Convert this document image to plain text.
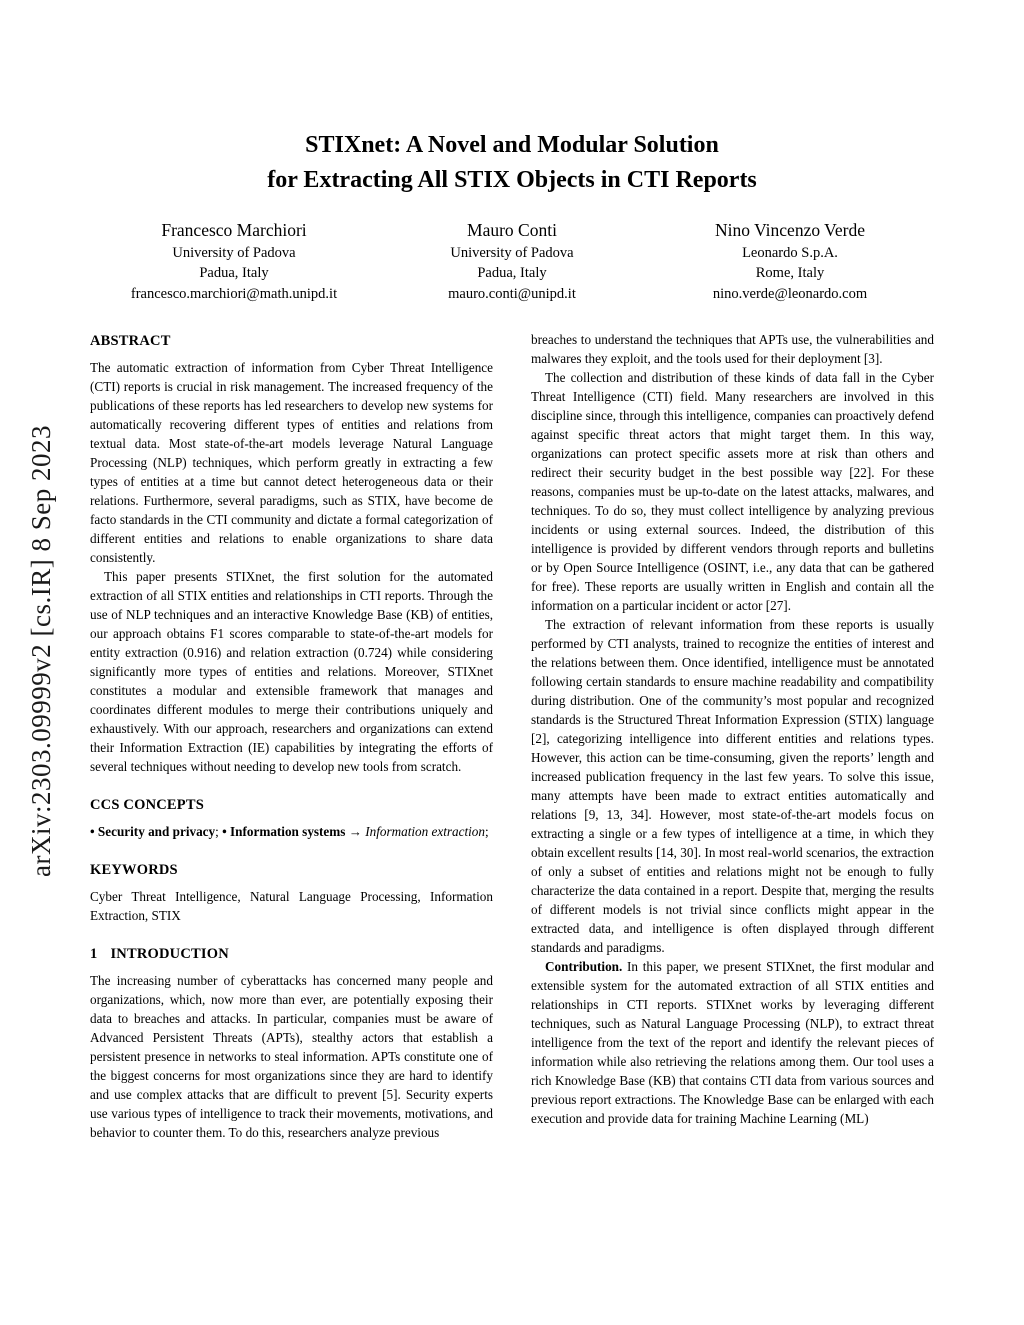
arXiv:2303.09999v2 [cs.IR] 8 Sep 2023
STIXnet: A Novel and Modular Solution
for Extracting All STIX Objects in CTI Reports
Francesco Marchiori
University of Padova
Padua, Italy
francesco.marchiori@math.unipd.it
Mauro Conti
University of Padova
Padua, Italy
mauro.conti@unipd.it
Nino Vincenzo Verde
Leonardo S.p.A.
Rome, Italy
nino.verde@leonardo.com
ABSTRACT

The automatic extraction of information from Cyber Threat Intelligence (CTI) reports is crucial in risk management. The increased frequency of the publications of these reports has led researchers to develop new systems for automatically recovering different types of entities and relations from textual data. Most state-of-the-art models leverage Natural Language Processing (NLP) techniques, which perform greatly in extracting a few types of entities at a time but cannot detect heterogeneous data or their relations. Furthermore, several paradigms, such as STIX, have become de facto standards in the CTI community and dictate a formal categorization of different entities and relations to enable organizations to share data consistently.

This paper presents STIXnet, the first solution for the automated extraction of all STIX entities and relationships in CTI reports. Through the use of NLP techniques and an interactive Knowledge Base (KB) of entities, our approach obtains F1 scores comparable to state-of-the-art models for entity extraction (0.916) and relation extraction (0.724) while considering significantly more types of entities and relations. Moreover, STIXnet constitutes a modular and extensible framework that manages and coordinates different modules to merge their contributions uniquely and exhaustively. With our approach, researchers and organizations can extend their Information Extraction (IE) capabilities by integrating the efforts of several techniques without needing to develop new tools from scratch.

CCS CONCEPTS

• Security and privacy; • Information systems → Information extraction;

KEYWORDS

Cyber Threat Intelligence, Natural Language Processing, Information Extraction, STIX

1 INTRODUCTION

The increasing number of cyberattacks has concerned many people and organizations, which, now more than ever, are potentially exposing their data to breaches and attacks. In particular, companies must be aware of Advanced Persistent Threats (APTs), stealthy actors that establish a persistent presence in networks to steal information. APTs constitute one of the biggest concerns for most organizations since they are hard to identify and use complex attacks that are difficult to prevent [5]. Security experts use various types of intelligence to track their movements, motivations, and behavior to counter them. To do this, researchers analyze previous

breaches to understand the techniques that APTs use, the vulnerabilities and malwares they exploit, and the tools used for their deployment [3].

The collection and distribution of these kinds of data fall in the Cyber Threat Intelligence (CTI) field. Many researchers are involved in this discipline since, through this intelligence, companies can proactively defend against specific threat actors that might target them. In this way, organizations can protect specific assets more at risk than others and redirect their security budget in the best possible way [22]. For these reasons, companies must be up-to-date on the latest attacks, malwares, and techniques. To do so, they must collect intelligence by analyzing previous incidents or using external sources. Indeed, the distribution of this intelligence is provided by different vendors through reports and bulletins or by Open Source Intelligence (OSINT, i.e., any data that can be gathered for free). These reports are usually written in English and contain all the information on a particular incident or actor [27].

The extraction of relevant information from these reports is usually performed by CTI analysts, trained to recognize the entities of interest and the relations between them. Once identified, intelligence must be annotated following certain standards to ensure machine readability and compatibility during distribution. One of the community’s most popular and recognized standards is the Structured Threat Information Expression (STIX) language [2], categorizing intelligence into different entities and relations types. However, this action can be time-consuming, given the reports’ length and increased publication frequency in the last few years. To solve this issue, many attempts have been made to extract entities automatically and relations [9, 13, 34]. However, most state-of-the-art models focus on extracting a single or a few types of intelligence at a time, in which they obtain excellent results [14, 30]. In most real-world scenarios, the extraction of only a subset of entities and relations might not be enough to fully characterize the data contained in a report. Despite that, merging the results of different models is not trivial since conflicts might appear in the extracted data, and intelligence is often displayed through different standards and paradigms.

Contribution. In this paper, we present STIXnet, the first modular and extensible system for the automated extraction of all STIX entities and relationships in CTI reports. STIXnet works by leveraging different techniques, such as Natural Language Processing (NLP), to extract threat intelligence from the text of the report and identify the relevant pieces of information while also retrieving the relations among them. Our tool uses a rich Knowledge Base (KB) that contains CTI data from various sources and previous report extractions. The Knowledge Base can be enlarged with each execution and provide data for training Machine Learning (ML)
